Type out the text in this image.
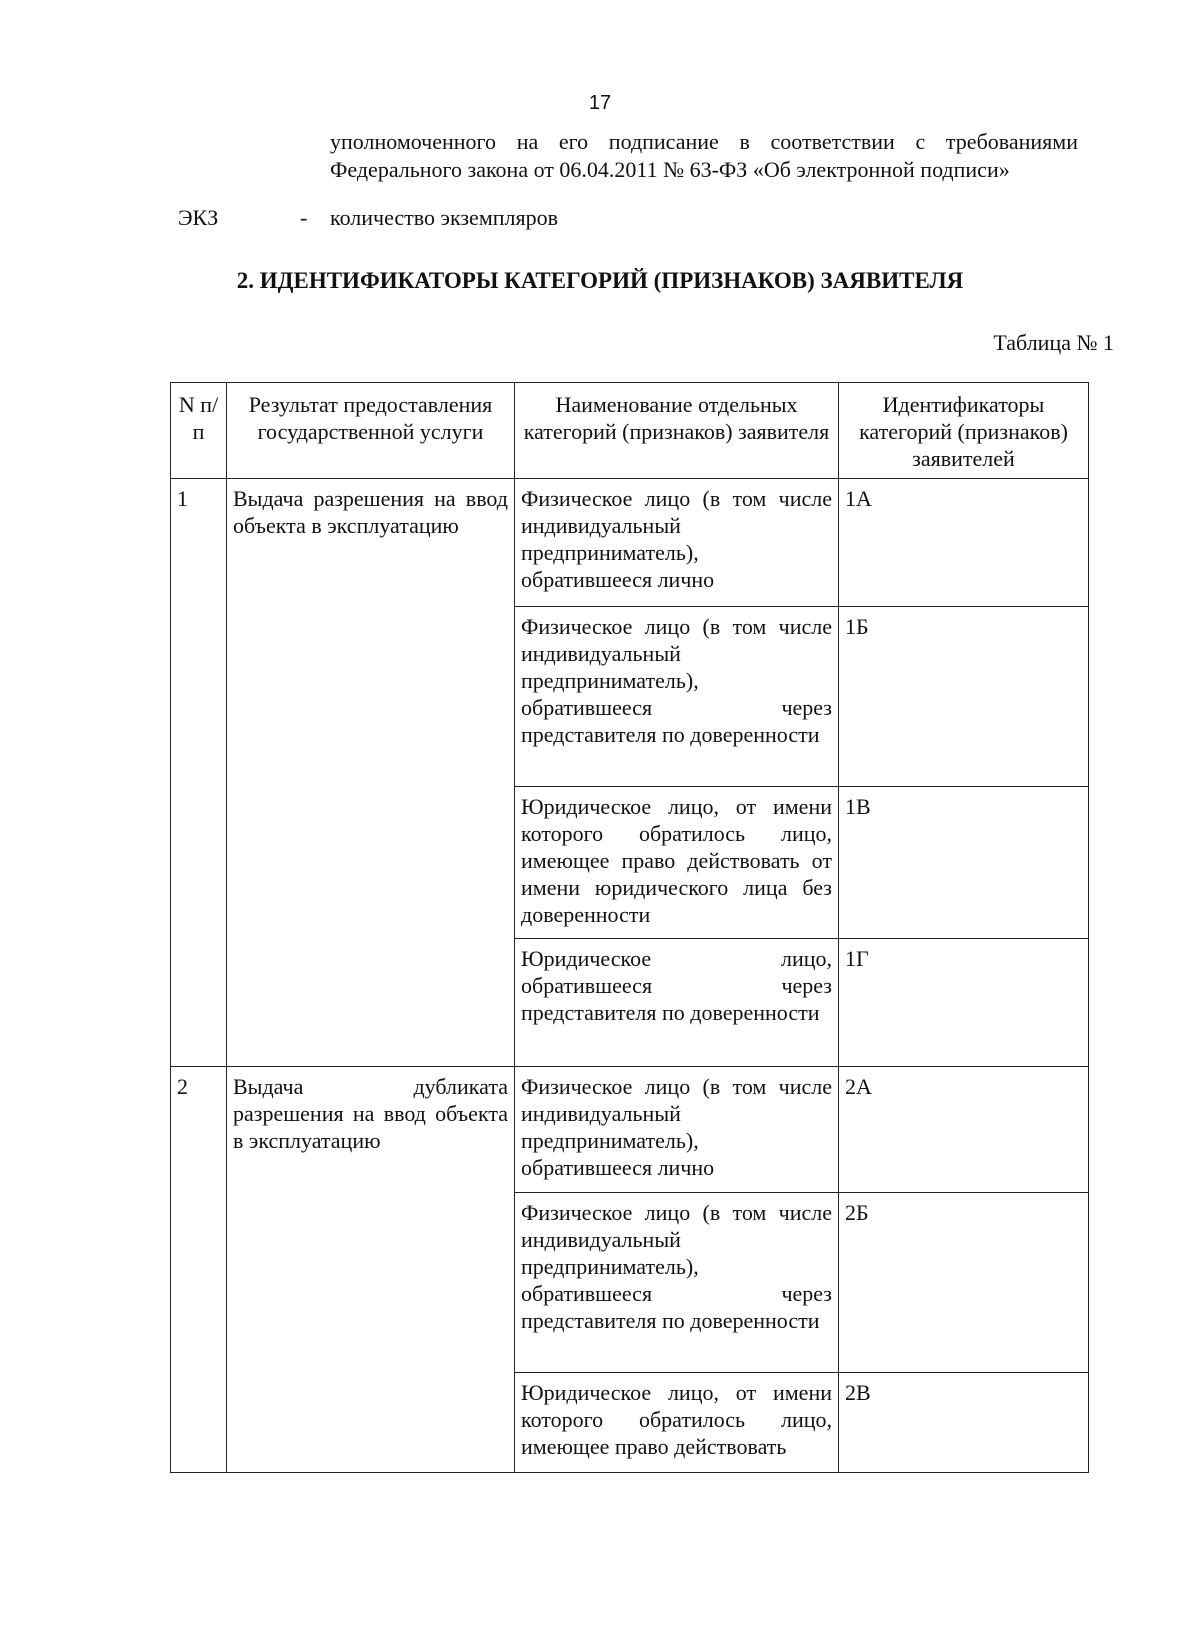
17
уполномоченного на его подписание в соответствии с требованиями
Федерального закона от 06.04.2011 № 63-ФЗ «Об электронной подписи»
ЭКЗ	- количество экземпляров
2. ИДЕНТИФИКАТОРЫ КАТЕГОРИЙ (ПРИЗНАКОВ) ЗАЯВИТЕЛЯ
Таблица № 1
N п/п	Результат предоставления государственной услуги	Наименование отдельных категорий (признаков) заявителя	Идентификаторы категорий (признаков) заявителей
1	Выдача разрешения на ввод объекта в эксплуатацию	Физическое лицо (в том числе индивидуальный предприниматель), обратившееся лично	1А
		Физическое лицо (в том числе индивидуальный предприниматель), обратившееся через представителя по доверенности	1Б
		Юридическое лицо, от имени которого обратилось лицо, имеющее право действовать от имени юридического лица без доверенности	1В
		Юридическое лицо, обратившееся через представителя по доверенности	1Г
2	Выдача дубликата разрешения на ввод объекта в эксплуатацию	Физическое лицо (в том числе индивидуальный предприниматель), обратившееся лично	2А
		Физическое лицо (в том числе индивидуальный предприниматель), обратившееся через представителя по доверенности	2Б
		Юридическое лицо, от имени которого обратилось лицо, имеющее право действовать	2В
